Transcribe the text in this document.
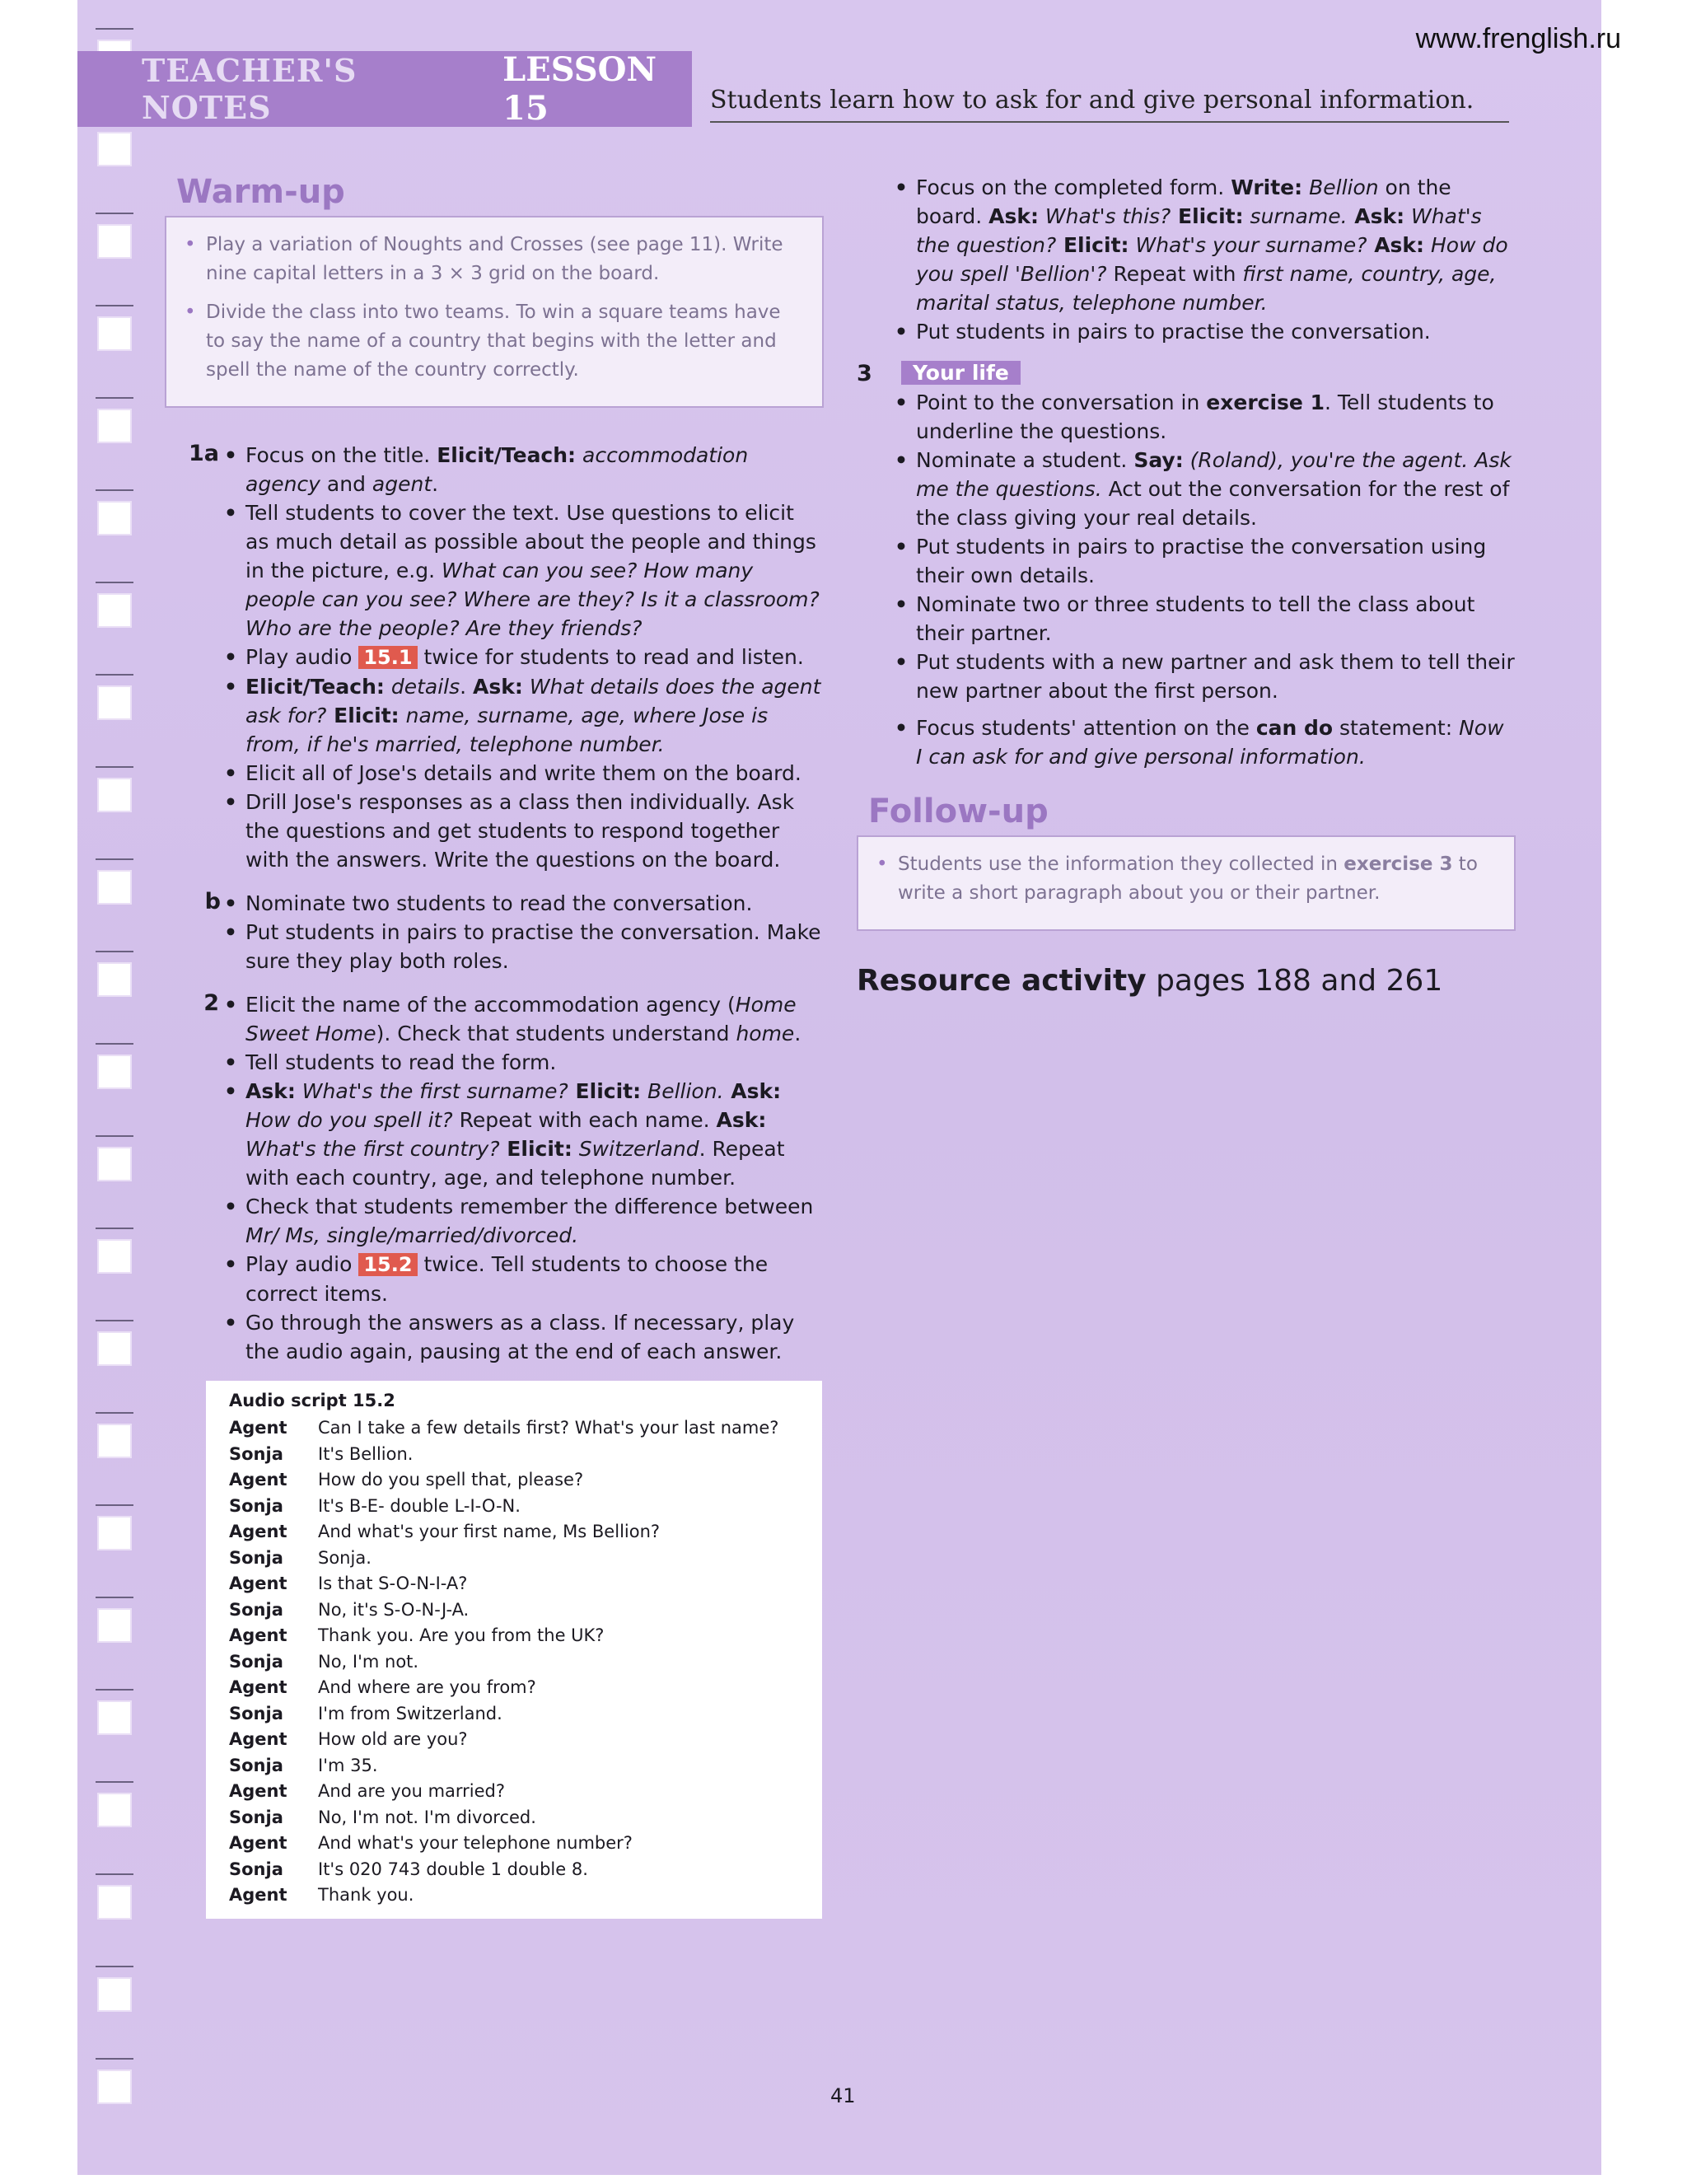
www.frenglish.ru
TEACHER'S NOTES
LESSON 15	Students learn how to ask for and give personal information.
Warm-up
• Play a variation of Noughts and Crosses (see page 11). Write nine capital letters in a 3 × 3 grid on the board.
• Divide the class into two teams. To win a square teams have to say the name of a country that begins with the letter and spell the name of the country correctly.
1a	• Focus on the title. Elicit/Teach: accommodation agency and agent.
• Tell students to cover the text. Use questions to elicit as much detail as possible about the people and things in the picture, e.g. What can you see? How many people can you see? Where are they? Is it a classroom? Who are the people? Are they friends?
• Play audio 15.1 twice for students to read and listen.
• Elicit/Teach: details. Ask: What details does the agent ask for? Elicit: name, surname, age, where Jose is from, if he's married, telephone number.
• Elicit all of Jose's details and write them on the board.
• Drill Jose's responses as a class then individually. Ask the questions and get students to respond together with the answers. Write the questions on the board.
b	• Nominate two students to read the conversation.
• Put students in pairs to practise the conversation. Make sure they play both roles.
2	• Elicit the name of the accommodation agency (Home Sweet Home). Check that students understand home.
• Tell students to read the form.
• Ask: What's the first surname? Elicit: Bellion. Ask: How do you spell it? Repeat with each name. Ask: What's the first country? Elicit: Switzerland. Repeat with each country, age, and telephone number.
• Check that students remember the difference between Mr/ Ms, single/married/divorced.
• Play audio 15.2 twice. Tell students to choose the correct items.
• Go through the answers as a class. If necessary, play the audio again, pausing at the end of each answer.
Audio script 15.2
Agent	Can I take a few details first? What's your last name?
Sonja	It's Bellion.
Agent	How do you spell that, please?
Sonja	It's B-E- double L-I-O-N.
Agent	And what's your first name, Ms Bellion?
Sonja	Sonja.
Agent	Is that S-O-N-I-A?
Sonja	No, it's S-O-N-J-A.
Agent	Thank you. Are you from the UK?
Sonja	No, I'm not.
Agent	And where are you from?
Sonja	I'm from Switzerland.
Agent	How old are you?
Sonja	I'm 35.
Agent	And are you married?
Sonja	No, I'm not. I'm divorced.
Agent	And what's your telephone number?
Sonja	It's 020 743 double 1 double 8.
Agent	Thank you.
• Focus on the completed form. Write: Bellion on the board. Ask: What's this? Elicit: surname. Ask: What's the question? Elicit: What's your surname? Ask: How do you spell 'Bellion'? Repeat with first name, country, age, marital status, telephone number.
• Put students in pairs to practise the conversation.
3	Your life
• Point to the conversation in exercise 1. Tell students to underline the questions.
• Nominate a student. Say: (Roland), you're the agent. Ask me the questions. Act out the conversation for the rest of the class giving your real details.
• Put students in pairs to practise the conversation using their own details.
• Nominate two or three students to tell the class about their partner.
• Put students with a new partner and ask them to tell their new partner about the first person.
• Focus students' attention on the can do statement: Now I can ask for and give personal information.
Follow-up
• Students use the information they collected in exercise 3 to write a short paragraph about you or their partner.
Resource activity pages 188 and 261
41
